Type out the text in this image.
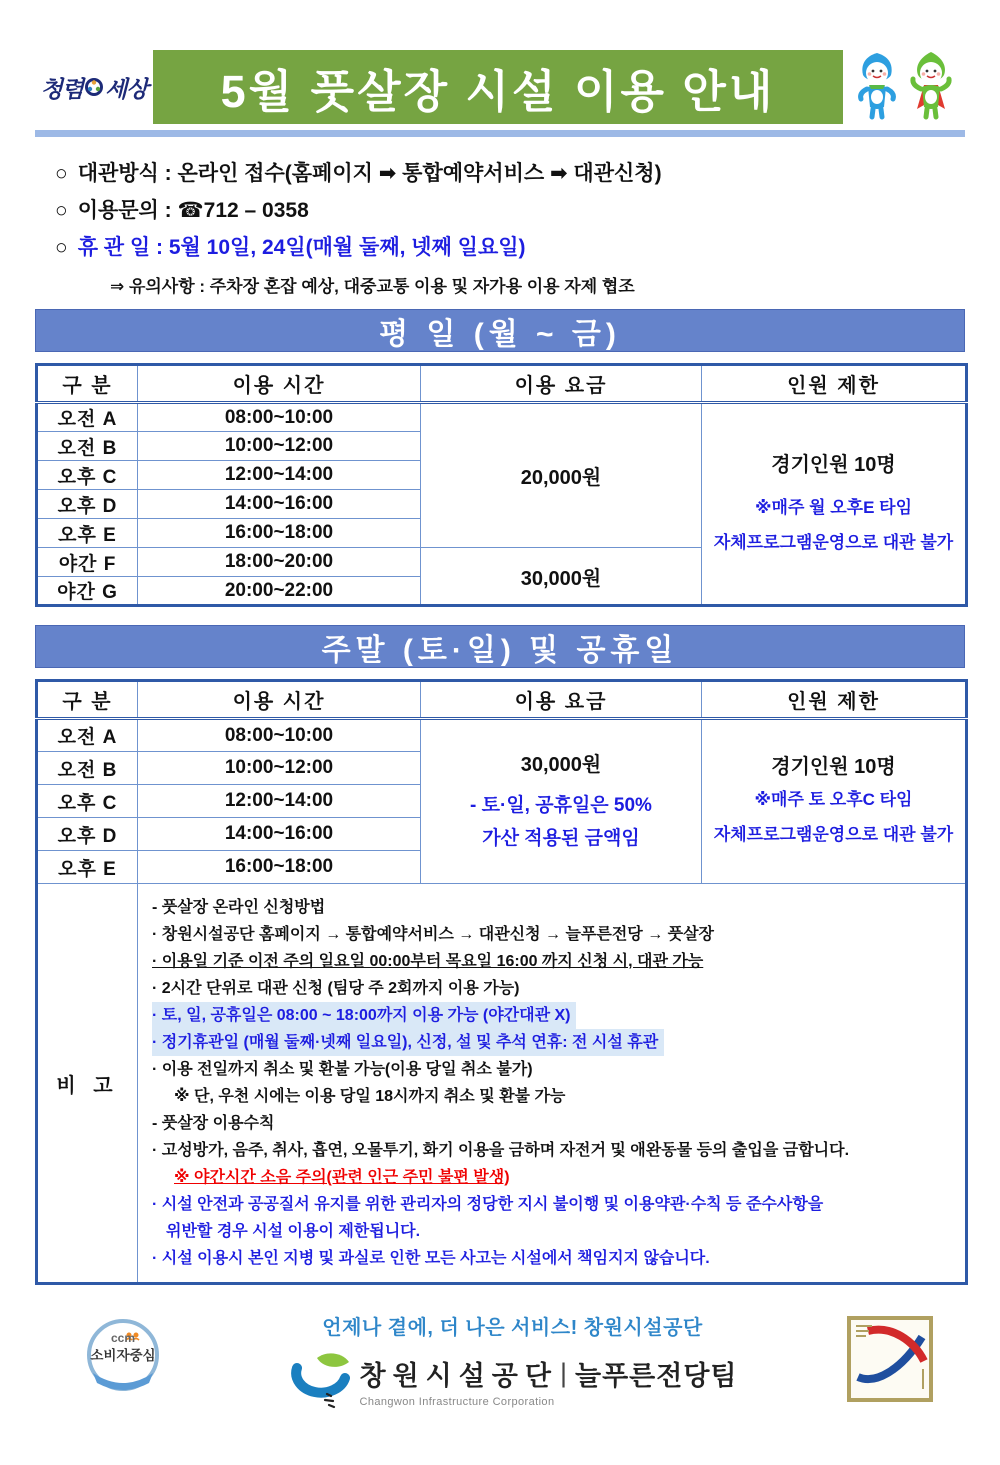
청렴 세상	5월 풋살장 시설 이용 안내
○ 대관방식 : 온라인 접수(홈페이지 ➡ 통합예약서비스 ➡ 대관신청)
○ 이용문의 : ☎712 – 0358
○ 휴 관 일 : 5월 10일, 24일(매월 둘째, 넷째 일요일)
⇒ 유의사항 : 주차장 혼잡 예상, 대중교통 이용 및 자가용 이용 자제 협조
평 일 (월 ~ 금)
구 분	이용 시간	이용 요금	인원 제한
오전 A	08:00~10:00	20,000원	경기인원 10명
※매주 월 오후E 타임
자체프로그램운영으로 대관 불가

오전 B	10:00~12:00		
오후 C	12:00~14:00		
오후 D	14:00~16:00		
오후 E	16:00~18:00		
야간 F	18:00~20:00	30,000원	
야간 G	20:00~22:00		
주말 (토·일) 및 공휴일
구 분	이용 시간	이용 요금	인원 제한
오전 A	08:00~10:00	
30,000원
- 토·일, 공휴일은 50%
가산 적용된 금액임

경기인원 10명
※매주 토 오후C 타임
자체프로그램운영으로 대관 불가

오전 B	10:00~12:00		
오후 C	12:00~14:00		
오후 D	14:00~16:00		
오후 E	16:00~18:00		
비 고	
- 풋살장 온라인 신청방법
· 창원시설공단 홈페이지 → 통합예약서비스 → 대관신청 → 늘푸른전당 → 풋살장
· 이용일 기준 이전 주의 일요일 00:00부터 목요일 16:00 까지 신청 시, 대관 가능
· 2시간 단위로 대관 신청 (팀당 주 2회까지 이용 가능)
· 토, 일, 공휴일은 08:00 ~ 18:00까지 이용 가능 (야간대관 X)
· 정기휴관일 (매월 둘째·넷째 일요일), 신정, 설 및 추석 연휴: 전 시설 휴관
· 이용 전일까지 취소 및 환불 가능(이용 당일 취소 불가)
※ 단, 우천 시에는 이용 당일 18시까지 취소 및 환불 가능
- 풋살장 이용수칙
· 고성방가, 음주, 취사, 흡연, 오물투기, 화기 이용을 금하며 자전거 및 애완동물 등의 출입을 금합니다.
※ 야간시간 소음 주의(관련 인근 주민 불편 발생)
· 시설 안전과 공공질서 유지를 위한 관리자의 정당한 지시 불이행 및 이용약관·수칙 등 준수사항을
위반할 경우 시설 이용이 제한됩니다.
· 시설 이용시 본인 지병 및 과실로 인한 모든 사고는 시설에서 책임지지 않습니다.
ccm
소비자중심
언제나 곁에, 더 나은 서비스! 창원시설공단
창원시설공단 | 늘푸른전당팀
Changwon Infrastructure Corporation
